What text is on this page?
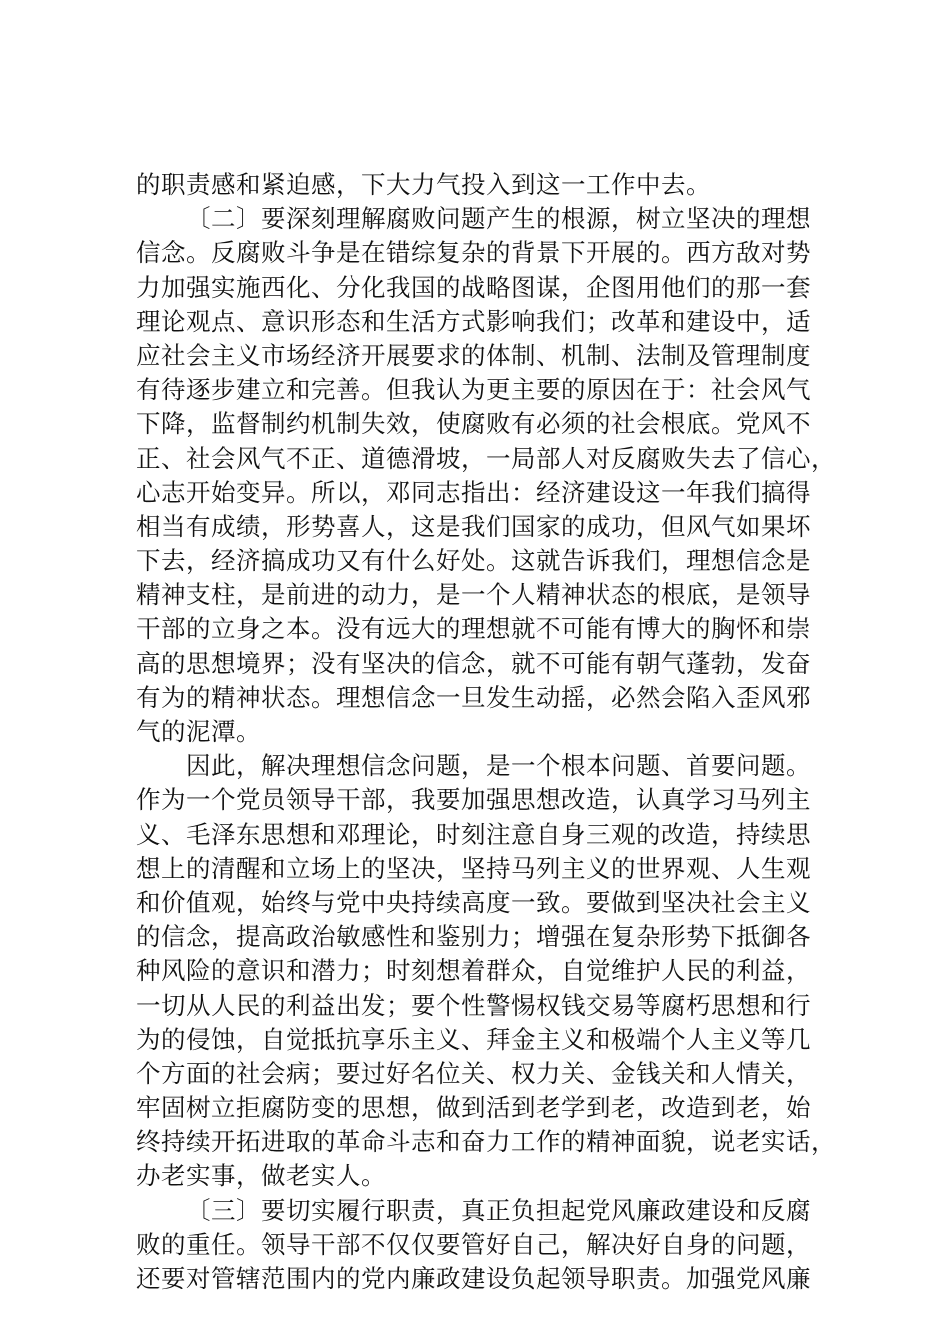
的职责感和紧迫感，下大力气投入到这一工作中去。
〔二〕要深刻理解腐败问题产生的根源，树立坚决的理想
信念。反腐败斗争是在错综复杂的背景下开展的。西方敌对势
力加强实施西化、分化我国的战略图谋，企图用他们的那一套
理论观点、意识形态和生活方式影响我们；改革和建设中，适
应社会主义市场经济开展要求的体制、机制、法制及管理制度
有待逐步建立和完善。但我认为更主要的原因在于：社会风气
下降，监督制约机制失效，使腐败有必须的社会根底。党风不
正、社会风气不正、道德滑坡，一局部人对反腐败失去了信心，
心志开始变异。所以，邓同志指出：经济建设这一年我们搞得
相当有成绩，形势喜人，这是我们国家的成功，但风气如果坏
下去，经济搞成功又有什么好处。这就告诉我们，理想信念是
精神支柱，是前进的动力，是一个人精神状态的根底，是领导
干部的立身之本。没有远大的理想就不可能有博大的胸怀和崇
高的思想境界；没有坚决的信念，就不可能有朝气蓬勃，发奋
有为的精神状态。理想信念一旦发生动摇，必然会陷入歪风邪
气的泥潭。
因此，解决理想信念问题，是一个根本问题、首要问题。
作为一个党员领导干部，我要加强思想改造，认真学习马列主
义、毛泽东思想和邓理论，时刻注意自身三观的改造，持续思
想上的清醒和立场上的坚决，坚持马列主义的世界观、人生观
和价值观，始终与党中央持续高度一致。要做到坚决社会主义
的信念，提高政治敏感性和鉴别力；增强在复杂形势下抵御各
种风险的意识和潜力；时刻想着群众，自觉维护人民的利益，
一切从人民的利益出发；要个性警惕权钱交易等腐朽思想和行
为的侵蚀，自觉抵抗享乐主义、拜金主义和极端个人主义等几
个方面的社会病；要过好名位关、权力关、金钱关和人情关，
牢固树立拒腐防变的思想，做到活到老学到老，改造到老，始
终持续开拓进取的革命斗志和奋力工作的精神面貌，说老实话，
办老实事，做老实人。
〔三〕要切实履行职责，真正负担起党风廉政建设和反腐
败的重任。领导干部不仅仅要管好自己，解决好自身的问题，
还要对管辖范围内的党内廉政建设负起领导职责。加强党风廉
